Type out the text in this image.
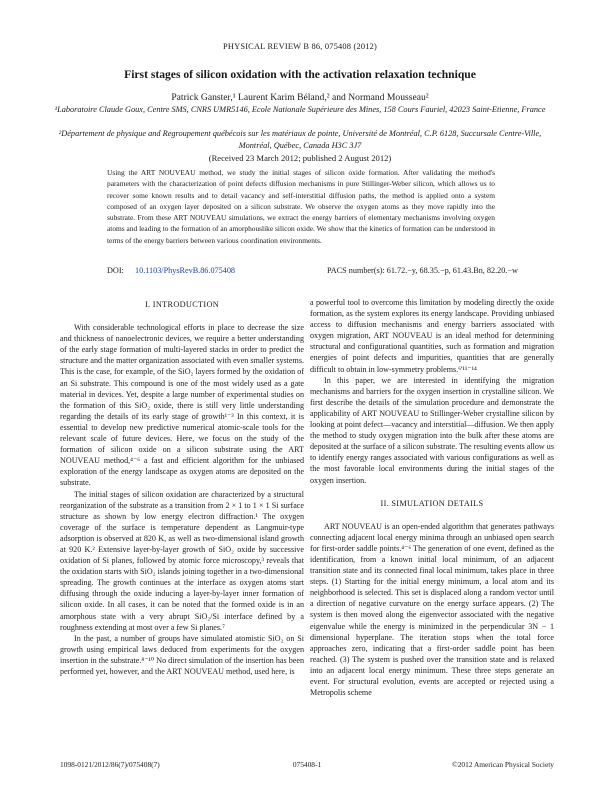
PHYSICAL REVIEW B 86, 075408 (2012)
First stages of silicon oxidation with the activation relaxation technique
Patrick Ganster,¹ Laurent Karim Béland,² and Normand Mousseau²
¹Laboratoire Claude Goux, Centre SMS, CNRS UMR5146, Ecole Nationale Supérieure des Mines, 158 Cours Fauriel, 42023 Saint-Etienne, France
²Département de physique and Regroupement québécois sur les matériaux de pointe, Université de Montréal, C.P. 6128, Succursale Centre-Ville, Montréal, Québec, Canada H3C 3J7
(Received 23 March 2012; published 2 August 2012)
Using the ART NOUVEAU method, we study the initial stages of silicon oxide formation. After validating the method's parameters with the characterization of point defects diffusion mechanisms in pure Stillinger-Weber silicon, which allows us to recover some known results and to detail vacancy and self-interstitial diffusion paths, the method is applied onto a system composed of an oxygen layer deposited on a silicon substrate. We observe the oxygen atoms as they move rapidly into the substrate. From these ART NOUVEAU simulations, we extract the energy barriers of elementary mechanisms involving oxygen atoms and leading to the formation of an amorphouslike silicon oxide. We show that the kinetics of formation can be understood in terms of the energy barriers between various coordination environments.
DOI: 10.1103/PhysRevB.86.075408	PACS number(s): 61.72.−y, 68.35.−p, 61.43.Bn, 82.20.−w
I. INTRODUCTION

With considerable technological efforts in place to decrease the size and thickness of nanoelectronic devices, we require a better understanding of the early stage formation of multi-layered stacks in order to predict the structure and the matter organization associated with even smaller systems. This is the case, for example, of the SiO₂ layers formed by the oxidation of an Si substrate. This compound is one of the most widely used as a gate material in devices. Yet, despite a large number of experimental studies on the formation of this SiO₂ oxide, there is still very little understanding regarding the details of its early stage of growth¹⁻³ In this context, it is essential to develop new predictive numerical atomic-scale tools for the relevant scale of future devices. Here, we focus on the study of the formation of silicon oxide on a silicon substrate using the ART NOUVEAU method,⁴⁻⁶ a fast and efficient algorithm for the unbiased exploration of the energy landscape as oxygen atoms are deposited on the substrate.

The initial stages of silicon oxidation are characterized by a structural reorganization of the substrate as a transition from 2 × 1 to 1 × 1 Si surface structure as shown by low energy electron diffraction.¹ The oxygen coverage of the surface is temperature dependent as Langmuir-type adsorption is observed at 820 K, as well as two-dimensional island growth at 920 K.² Extensive layer-by-layer growth of SiO₂ oxide by successive oxidation of Si planes, followed by atomic force microscopy,³ reveals that the oxidation starts with SiO₂ islands joining together in a two-dimensional spreading. The growth continues at the interface as oxygen atoms start diffusing through the oxide inducing a layer-by-layer inner formation of silicon oxide. In all cases, it can be noted that the formed oxide is in an amorphous state with a very abrupt SiO₂/Si interface defined by a roughness extending at most over a few Si planes.⁷

In the past, a number of groups have simulated atomistic SiO₂ on Si growth using empirical laws deduced from experiments for the oxygen insertion in the substrate.⁸⁻¹⁰ No direct simulation of the insertion has been performed yet, however, and the ART NOUVEAU method, used here, is

a powerful tool to overcome this limitation by modeling directly the oxide formation, as the system explores its energy landscape. Providing unbiased access to diffusion mechanisms and energy barriers associated with oxygen migration, ART NOUVEAU is an ideal method for determining structural and configurational quantities, such as formation and migration energies of point defects and impurities, quantities that are generally difficult to obtain in low-symmetry problems.⁶'¹¹⁻¹⁴

In this paper, we are interested in identifying the migration mechanisms and barriers for the oxygen insertion in crystalline silicon. We first describe the details of the simulation procedure and demonstrate the applicability of ART NOUVEAU to Stillinger-Weber crystalline silicon by looking at point defect—vacancy and interstitial—diffusion. We then apply the method to study oxygen migration into the bulk after these atoms are deposited at the surface of a silicon substrate. The resulting events allow us to identify energy ranges associated with various configurations as well as the most favorable local environments during the initial stages of the oxygen insertion.

II. SIMULATION DETAILS

ART NOUVEAU is an open-ended algorithm that generates pathways connecting adjacent local energy minima through an unbiased open search for first-order saddle points.⁴⁻⁶ The generation of one event, defined as the identification, from a known initial local minimum, of an adjacent transition state and its connected final local minimum, takes place in three steps. (1) Starting for the initial energy minimum, a local atom and its neighborhood is selected. This set is displaced along a random vector until a direction of negative curvature on the energy surface appears. (2) The system is then moved along the eigenvector associated with the negative eigenvalue while the energy is minimized in the perpendicular 3N − 1 dimensional hyperplane. The iteration stops when the total force approaches zero, indicating that a first-order saddle point has been reached. (3) The system is pushed over the transition state and is relaxed into an adjacent local energy minimum. These three steps generate an event. For structural evolution, events are accepted or rejected using a Metropolis scheme

1098-0121/2012/86(7)/075408(7)	075408-1	©2012 American Physical Society
